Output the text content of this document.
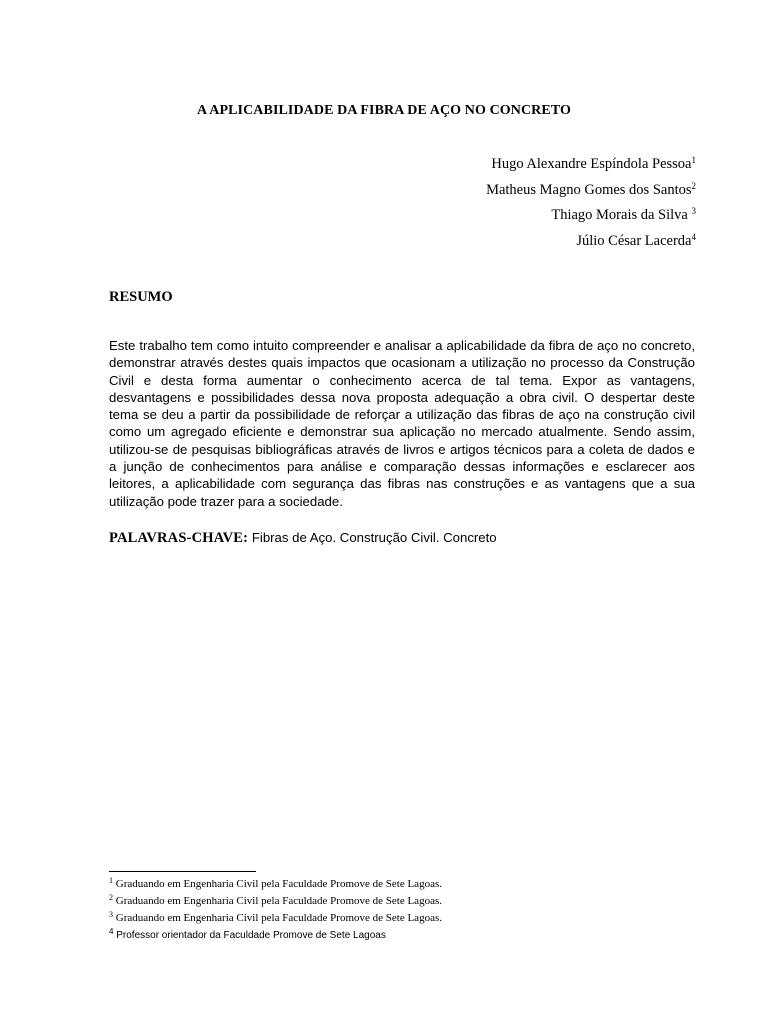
A APLICABILIDADE DA FIBRA DE AÇO NO CONCRETO
Hugo Alexandre Espíndola Pessoa$^1$
Matheus Magno Gomes dos Santos$^2$
Thiago Morais da Silva $^3$
Júlio César Lacerda$^4$
RESUMO

Este trabalho tem como intuito compreender e analisar a aplicabilidade da fibra de aço no concreto, demonstrar através destes quais impactos que ocasionam a utilização no processo da Construção Civil e desta forma aumentar o conhecimento acerca de tal tema. Expor as vantagens, desvantagens e possibilidades dessa nova proposta adequação a obra civil. O despertar deste tema se deu a partir da possibilidade de reforçar a utilização das fibras de aço na construção civil como um agregado eficiente e demonstrar sua aplicação no mercado atualmente. Sendo assim, utilizou-se de pesquisas bibliográficas através de livros e artigos técnicos para a coleta de dados e a junção de conhecimentos para análise e comparação dessas informações e esclarecer aos leitores, a aplicabilidade com segurança das fibras nas construções e as vantagens que a sua utilização pode trazer para a sociedade.

PALAVRAS-CHAVE: Fibras de Aço. Construção Civil. Concreto
$^1$ Graduando em Engenharia Civil pela Faculdade Promove de Sete Lagoas.
$^2$ Graduando em Engenharia Civil pela Faculdade Promove de Sete Lagoas.
$^3$ Graduando em Engenharia Civil pela Faculdade Promove de Sete Lagoas.
$^4$ Professor orientador da Faculdade Promove de Sete Lagoas
